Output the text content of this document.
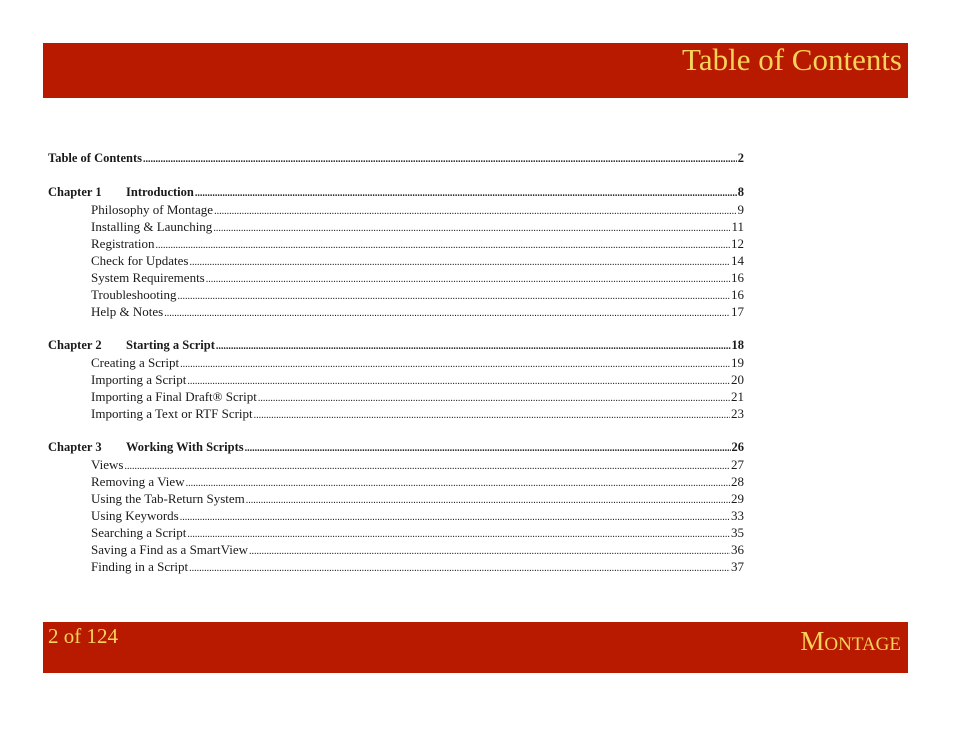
Table of Contents
Table of Contents .....	2
Chapter 1 Introduction .....	8
Philosophy of Montage .....	9
Installing & Launching .....	11
Registration .....	12
Check for Updates .....	14
System Requirements .....	16
Troubleshooting .....	16
Help & Notes .....	17
Chapter 2 Starting a Script .....	18
Creating a Script .....	19
Importing a Script .....	20
Importing a Final Draft® Script .....	21
Importing a Text or RTF Script .....	23
Chapter 3 Working With Scripts .....	26
Views .....	27
Removing a View .....	28
Using the Tab-Return System .....	29
Using Keywords .....	33
Searching a Script .....	35
Saving a Find as a SmartView .....	36
Finding in a Script .....	37
2 of 124	Montage
